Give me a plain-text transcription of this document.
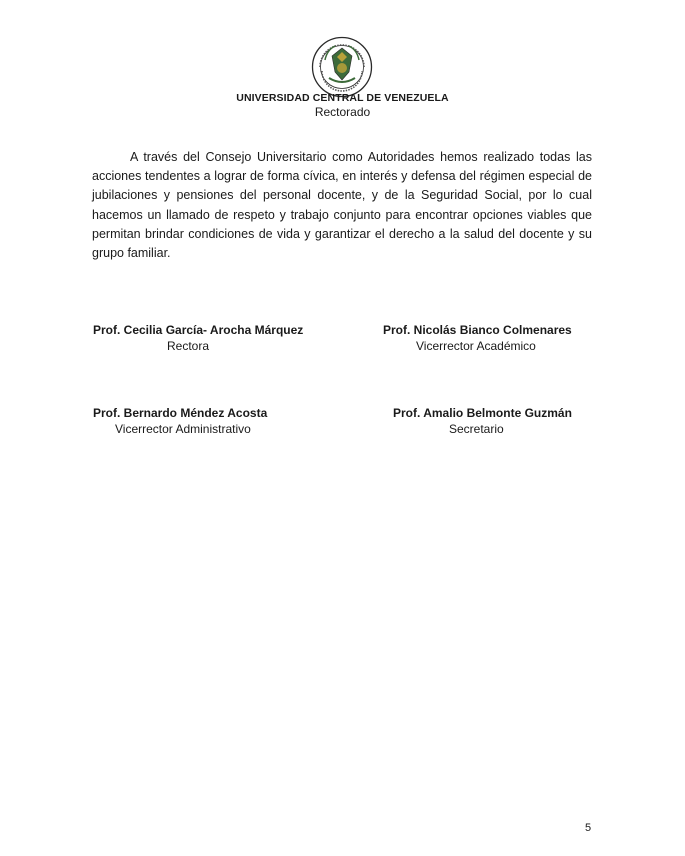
UNIVERSIDAD CENTRAL DE VENEZUELA
Rectorado

A través del Consejo Universitario como Autoridades hemos realizado todas las acciones tendentes a lograr de forma cívica, en interés y defensa del régimen especial de jubilaciones y pensiones del personal docente, y de la Seguridad Social, por lo cual hacemos un llamado de respeto y trabajo conjunto para encontrar opciones viables que permitan brindar condiciones de vida y garantizar el derecho a la salud del docente y su grupo familiar.

Prof. Cecilia García- Arocha Márquez
Rectora
Prof. Nicolás Bianco Colmenares
Vicerrector Académico
Prof. Bernardo Méndez Acosta
Vicerrector Administrativo
Prof. Amalio Belmonte Guzmán
Secretario
5
